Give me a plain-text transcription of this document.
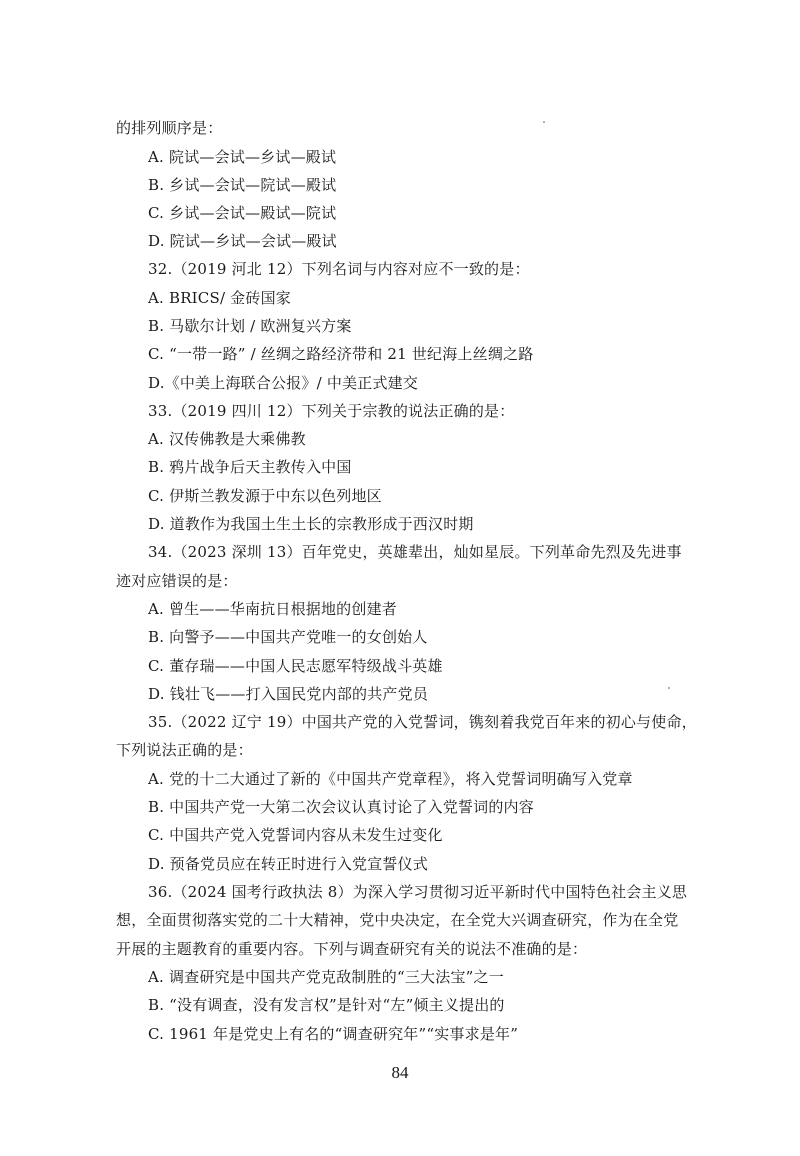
的排列顺序是：
A. 院试—会试—乡试—殿试
B. 乡试—会试—院试—殿试
C. 乡试—会试—殿试—院试
D. 院试—乡试—会试—殿试
32.（2019 河北 12）下列名词与内容对应不一致的是：
A. BRICS/ 金砖国家
B. 马歇尔计划 / 欧洲复兴方案
C. “一带一路” / 丝绸之路经济带和 21 世纪海上丝绸之路
D.《中美上海联合公报》/ 中美正式建交
33.（2019 四川 12）下列关于宗教的说法正确的是：
A. 汉传佛教是大乘佛教
B. 鸦片战争后天主教传入中国
C. 伊斯兰教发源于中东以色列地区
D. 道教作为我国土生土长的宗教形成于西汉时期
34.（2023 深圳 13）百年党史，英雄辈出，灿如星辰。下列革命先烈及先进事
迹对应错误的是：
A. 曾生——华南抗日根据地的创建者
B. 向警予——中国共产党唯一的女创始人
C. 董存瑞——中国人民志愿军特级战斗英雄
D. 钱壮飞——打入国民党内部的共产党员
35.（2022 辽宁 19）中国共产党的入党誓词，镌刻着我党百年来的初心与使命，
下列说法正确的是：
A. 党的十二大通过了新的《中国共产党章程》，将入党誓词明确写入党章
B. 中国共产党一大第二次会议认真讨论了入党誓词的内容
C. 中国共产党入党誓词内容从未发生过变化
D. 预备党员应在转正时进行入党宣誓仪式
36.（2024 国考行政执法 8）为深入学习贯彻习近平新时代中国特色社会主义思
想，全面贯彻落实党的二十大精神，党中央决定，在全党大兴调查研究，作为在全党
开展的主题教育的重要内容。下列与调查研究有关的说法不准确的是：
A. 调查研究是中国共产党克敌制胜的“三大法宝”之一
B. “没有调查，没有发言权”是针对“左”倾主义提出的
C. 1961 年是党史上有名的“调查研究年”“实事求是年”
84
